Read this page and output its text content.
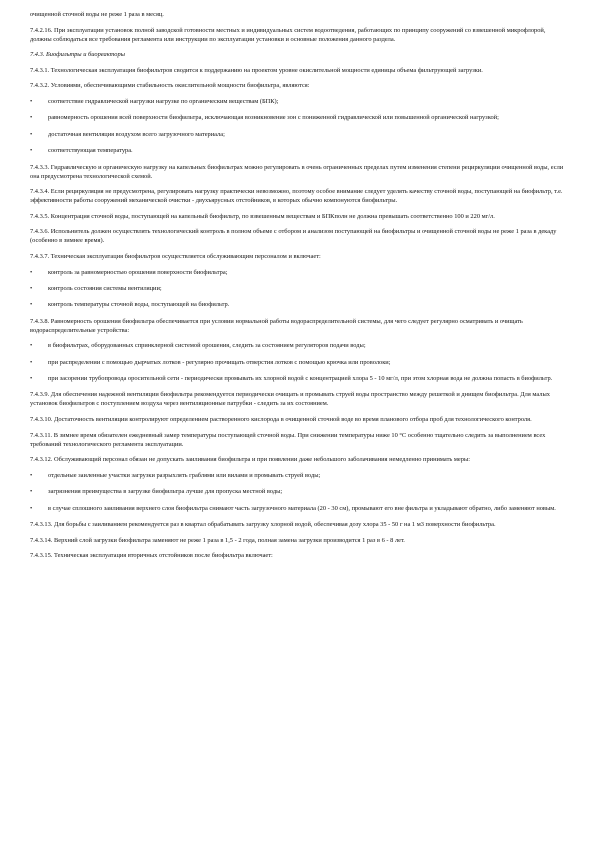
очищенной сточной воды не реже 1 раза в месяц.

7.4.2.16. При эксплуатации установок полной заводской готовности местных и индивидуальных систем водоотведения, работающих по принципу сооружений со взвешенной микрофлорой, должны соблюдаться все требования регламента или инструкции по эксплуатации установки и основные положения данного раздела.

7.4.3. Биофильтры и биореакторы

7.4.3.1. Технологическая эксплуатация биофильтров сводится к поддержанию на проектом уровне окислительной мощности единицы объема фильтрующей загрузки.

7.4.3.2. Условиями, обеспечивающими стабильность окислительной мощности биофильтра, являются:

• соответствие гидравлической нагрузки нагрузке по органическим веществам (БПК);
• равномерность орошения всей поверхности биофильтра, исключающая возникновение зон с пониженной гидравлической или повышенной органической нагрузкой;
• достаточная вентиляция воздухом всего загрузочного материала;
• соответствующая температура.

7.4.3.3. Гидравлическую и органическую нагрузку на капельных биофильтрах можно регулировать в очень ограниченных пределах путем изменения степени рециркуляции очищенной воды, если она предусмотрена технологической схемой.

7.4.3.4. Если рециркуляция не предусмотрена, регулировать нагрузку практически невозможно, поэтому особое внимание следует уделять качеству сточной воды, поступающей на биофильтр, т.е. эффективности работы сооружений механической очистки - двухъярусных отстойников, в которых обычно компонуются биофильтры.

7.4.3.5. Концентрация сточной воды, поступающей на капельный биофильтр, по взвешенным веществам и БПКполн не должна превышать соответственно 100 и 220 мг/л.

7.4.3.6. Испольнитель должен осуществлять технологический контроль в полном объеме с отбором и анализом поступающей на биофильтры и очищенной сточной воды не реже 1 раза в декаду (особенно в зимнее время).

7.4.3.7. Техническая эксплуатация биофильтров осуществляется обслуживающим персоналом и включает:

• контроль за равномерностью орошения поверхности биофильтра;
• контроль состояния системы вентиляции;
• контроль температуры сточной воды, поступающей на биофильтр.

7.4.3.8. Равномерность орошения биофильтра обеспечивается при условии нормальной работы водораспределительной системы, для чего следует регулярно осматривать и очищать водораспределительные устройства:

• в биофильтрах, оборудованных спринклерной системой орошения, следить за состоянием регуляторов подачи воды;
• при распределении с помощью дырчатых лотков - регулярно прочищать отверстия лотков с помощью крючка или проволоки;
• при засорении трубопровода оросительной сети - периодически промывать их хлорной водой с концентрацией хлора 5 - 10 мг/л, при этом хлорная вода не должна попасть в биофильтр.

7.4.3.9. Для обеспечения надежной вентиляции биофильтра рекомендуется периодически очищать и промывать струей воды пространство между решеткой и днищем биофильтра. Для малых установок биофильтров с поступлением воздуха через вентиляционные патрубки - следить за их состоянием.

7.4.3.10. Достаточность вентиляции контролируют определением растворенного кислорода в очищенной сточной воде во время планового отбора проб для технологического контроля.

7.4.3.11. В зимнее время обязателен ежедневный замер температуры поступающей сточной воды. При снижении температуры ниже 10 °С особенно тщательно следить за выполнением всех требований технологического регламента эксплуатации.

7.4.3.12. Обслуживающий персонал обязан не допускать заиливания биофильтра и при появлении даже небольшого заболачивания немедленно принимать меры:

• отдельные заиленные участки загрузки разрыхлять граблями или вилами и промывать струей воды;
• загрязнения преимущества в загрузке биофильтра лучше для пропуска местной воды;
• в случае сплошного заиливания верхнего слоя биофильтра снимают часть загрузочного материала (20 - 30 см), промывают его вне фильтра и укладывают обратно, либо заменяют новым.

7.4.3.13. Для борьбы с заиливанием рекомендуется раз в квартал обрабатывать загрузку хлорной водой, обеспечивая дозу хлора 35 - 50 г на 1 м3 поверхности биофильтра.

7.4.3.14. Верхний слой загрузки биофильтра заменяют не реже 1 раза в 1,5 - 2 года, полная замена загрузки производится 1 раз в 6 - 8 лет.

7.4.3.15. Техническая эксплуатация вторичных отстойников после биофильтра включает:
